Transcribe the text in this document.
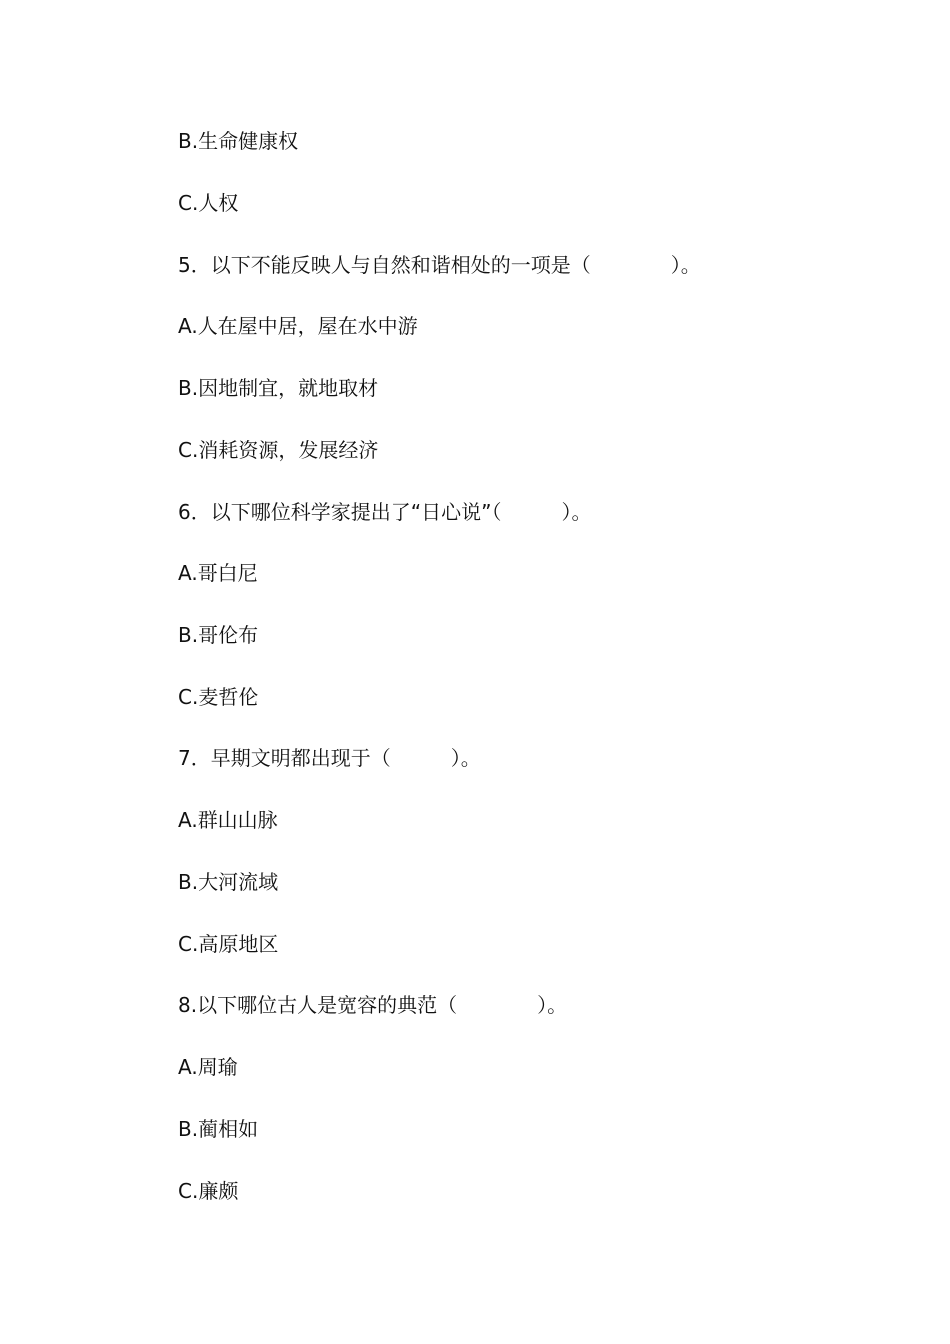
B.生命健康权

C.人权

5．以下不能反映人与自然和谐相处的一项是（　　　　）。

A.人在屋中居，屋在水中游

B.因地制宜，就地取材

C.消耗资源，发展经济

6．以下哪位科学家提出了“日心说”（　　　）。

A.哥白尼

B.哥伦布

C.麦哲伦

7．早期文明都出现于（　　　）。

A.群山山脉

B.大河流域

C.高原地区

8.以下哪位古人是宽容的典范（　　　　）。

A.周瑜

B.蔺相如

C.廉颇
